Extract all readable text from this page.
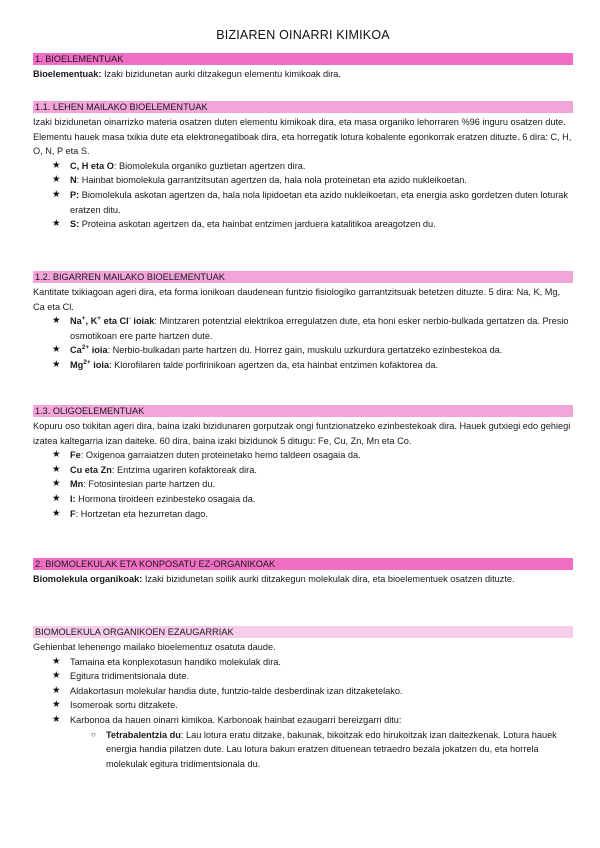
BIZIAREN OINARRI KIMIKOA
1. BIOELEMENTUAK

Bioelementuak: Izaki bizidunetan aurki ditzakegun elementu kimikoak dira.

1.1. LEHEN MAILAKO BIOELEMENTUAK

Izaki bizidunetan oinarrizko materia osatzen duten elementu kimikoak dira, eta masa organiko lehorraren %96 inguru osatzen dute. Elementu hauek masa txikia dute eta elektronegatiboak dira, eta horregatik lotura kobalente egonkorrak eratzen dituzte. 6 dira: C, H, O, N, P eta S.

★ C, H eta O: Biomolekula organiko guztietan agertzen dira.
★ N: Hainbat biomolekula garrantzitsutan agertzen da, hala nola proteinetan eta azido nukleikoetan.
★ P: Biomolekula askotan agertzen da, hala nola lipidoetan eta azido nukleikoetan, eta energia asko gordetzen duten loturak eratzen ditu.
★ S: Proteina askotan agertzen da, eta hainbat entzimen jarduera katalitikoa areagotzen du.
1.2. BIGARREN MAILAKO BIOELEMENTUAK

Kantitate txikiagoan ageri dira, eta forma ionikoan daudenean funtzio fisiologiko garrantzitsuak betetzen dituzte. 5 dira: Na, K, Mg, Ca eta Cl.

★ Na+, K+ eta Cl- ioiak: Mintzaren potentzial elektrikoa erregulatzen dute, eta honi esker nerbio-bulkada gertatzen da. Presio osmotikoan ere parte hartzen dute.
★ $Ca^{2+}$ ioia: Nerbio-bulkadan parte hartzen du. Horrez gain, muskulu uzkurdura gertatzeko ezinbestekoa da.
★ $Mg^{2+}$ ioia: Klorofilaren talde porfirinikoan agertzen da, eta hainbat entzimen kofaktorea da.
1.3. OLIGOELEMENTUAK

Kopuru oso txikitan ageri dira, baina izaki bizidunaren gorputzak ongi funtzionatzeko ezinbestekoak dira. Hauek gutxiegi edo gehiegi izatea kaltegarria izan daiteke. 60 dira, baina izaki bizidunok 5 ditugu: Fe, Cu, Zn, Mn eta Co.

★ Fe: Oxigenoa garraiatzen duten proteinetako hemo taldeen osagaia da.
★ Cu eta Zn: Entzima ugariren kofaktoreak dira.
★ Mn: Fotosintesian parte hartzen du.
★ I: Hormona tiroideen ezinbesteko osagaia da.
★ F: Hortzetan eta hezurretan dago.
2. BIOMOLEKULAK ETA KONPOSATU EZ-ORGANIKOAK

Biomolekula organikoak: Izaki bizidunetan soilik aurki ditzakegun molekulak dira, eta bioelementuek osatzen dituzte.

BIOMOLEKULA ORGANIKOEN EZAUGARRIAK

Gehienbat lehenengo mailako bioelementuz osatuta daude.

★ Tamaina eta konplexotasun handiko molekulak dira.
★ Egitura tridimentsionala dute.
★ Aldakortasun molekular handia dute, funtzio-talde desberdinak izan ditzaketelako.
★ Isomeroak sortu ditzakete.
★ Karbonoa da hauen oinarri kimikoa. Karbonoak hainbat ezaugarri bereizgarri ditu:
○ Tetrabalentzia du: Lau lotura eratu ditzake, bakunak, bikoitzak edo hirukoitzak izan daitezkenak. Lotura hauek energia handia pilatzen dute. Lau lotura bakun eratzen dituenean tetraedro bezala jokatzen du, eta horrela molekulak egitura tridimentsionala du.
